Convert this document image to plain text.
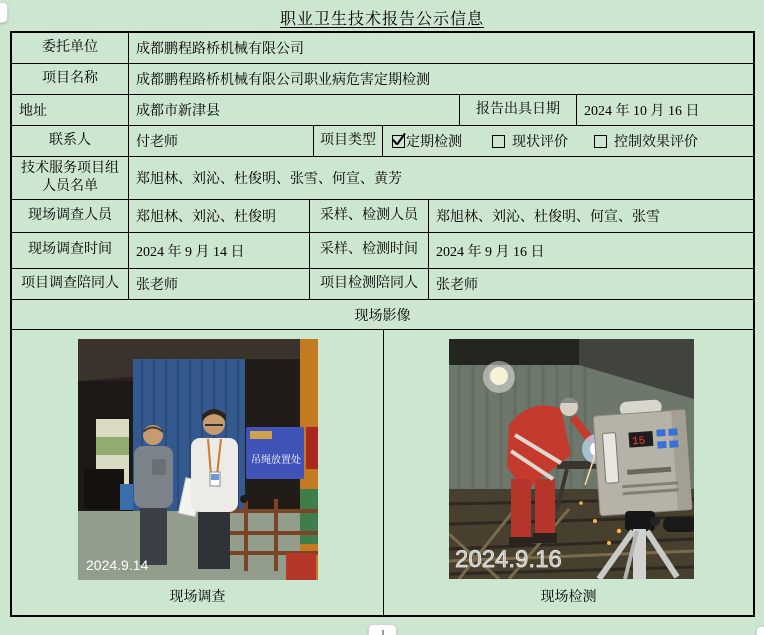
职业卫生技术报告公示信息
委托单位	成都鹏程路桥机械有限公司
项目名称	成都鹏程路桥机械有限公司职业病危害定期检测
地址	成都市新津县	报告出具日期	2024 年 10 月 16 日
联系人	付老师	项目类型	定期检测	现状评价	控制效果评价
技术服务项目组
人员名单	郑旭林、刘沁、杜俊明、张雪、何宣、黄芳
现场调查人员	郑旭林、刘沁、杜俊明	采样、检测人员	郑旭林、刘沁、杜俊明、何宣、张雪
现场调查时间	2024 年 9 月 14 日	采样、检测时间	2024 年 9 月 16 日
项目调查陪同人	张老师	项目检测陪同人	张老师
现场影像
吊绳放置处
2024.9.14
现场调查
15
2024.9.16
现场检测
